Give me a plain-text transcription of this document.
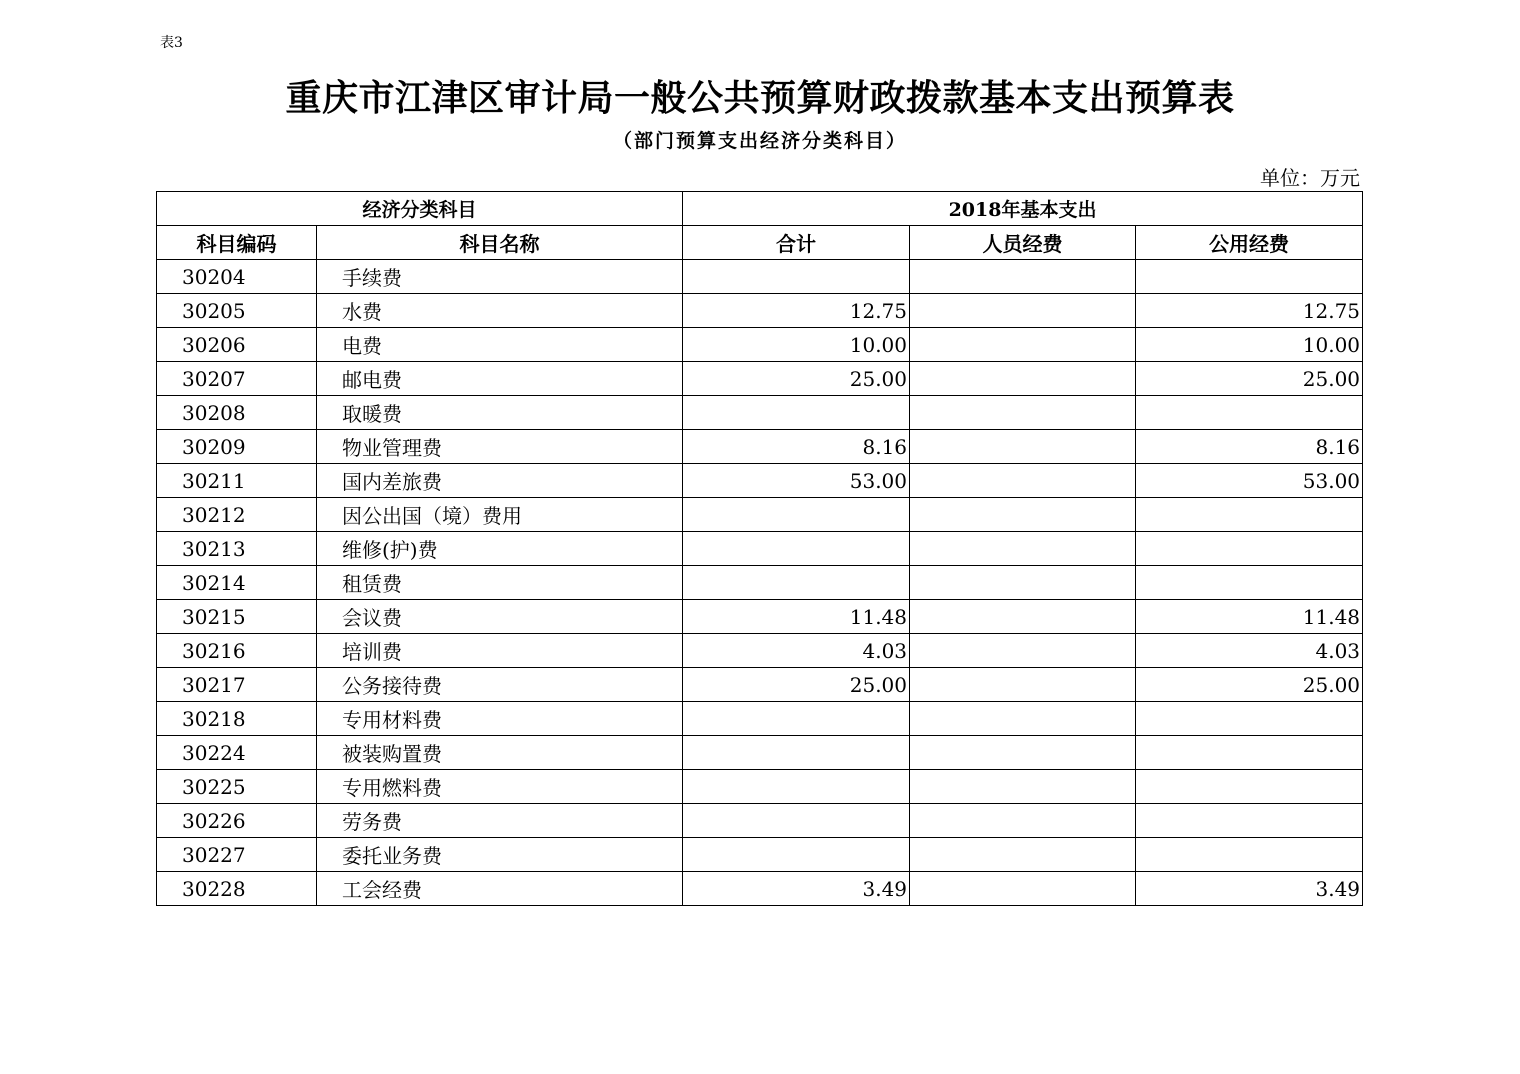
表3
重庆市江津区审计局一般公共预算财政拨款基本支出预算表
（部门预算支出经济分类科目）
单位：万元
经济分类科目		2018年基本支出		
科目编码	科目名称	合计	人员经费	公用经费
30204	手续费			
30205	水费	12.75		12.75
30206	电费	10.00		10.00
30207	邮电费	25.00		25.00
30208	取暖费			
30209	物业管理费	8.16		8.16
30211	国内差旅费	53.00		53.00
30212	因公出国（境）费用			
30213	维修(护)费			
30214	租赁费			
30215	会议费	11.48		11.48
30216	培训费	4.03		4.03
30217	公务接待费	25.00		25.00
30218	专用材料费			
30224	被装购置费			
30225	专用燃料费			
30226	劳务费			
30227	委托业务费			
30228	工会经费	3.49		3.49
